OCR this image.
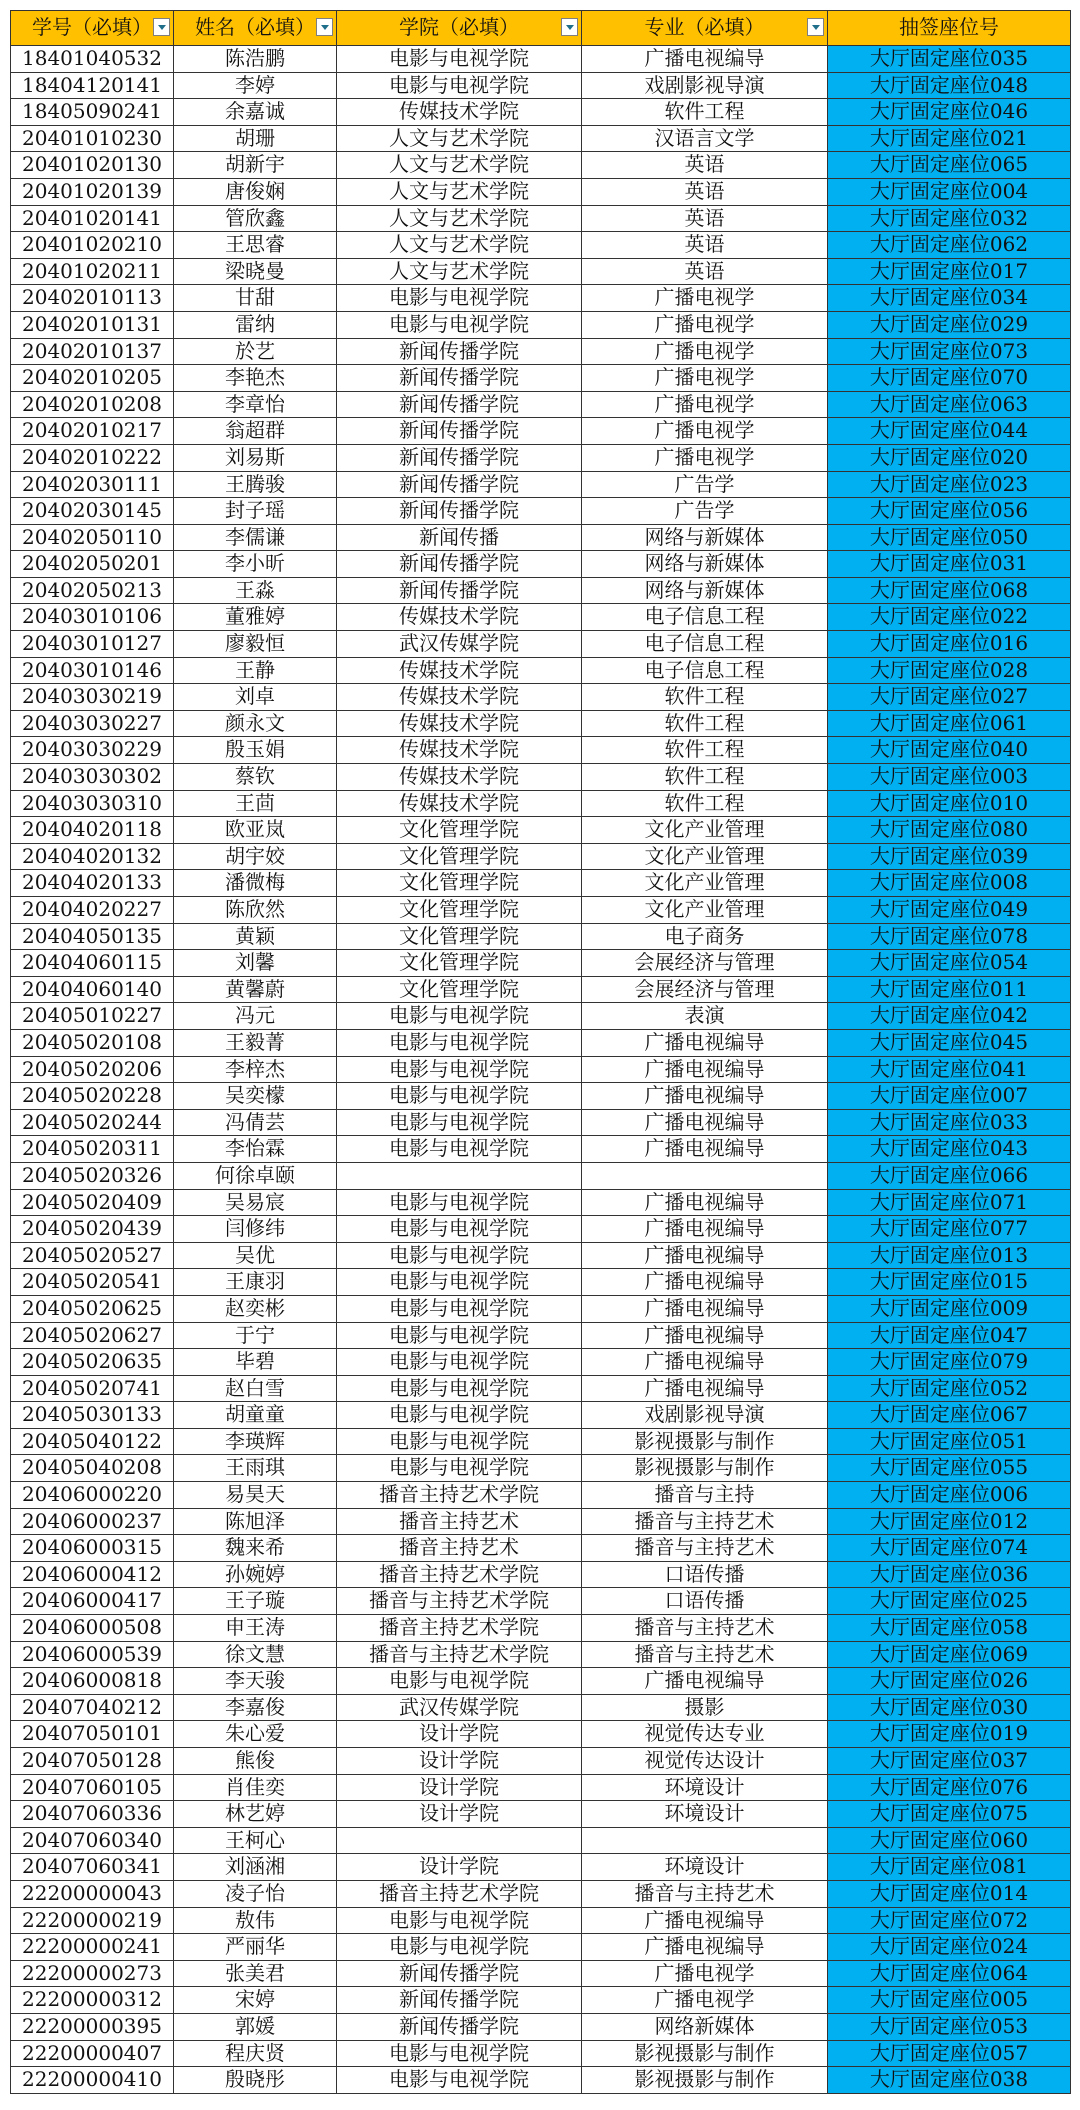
学号（必填）	姓名（必填）	学院（必填）	专业（必填）	抽签座位号
18401040532	陈浩鹏	电影与电视学院	广播电视编导	大厅固定座位035
18404120141	李婷	电影与电视学院	戏剧影视导演	大厅固定座位048
18405090241	余嘉诚	传媒技术学院	软件工程	大厅固定座位046
20401010230	胡珊	人文与艺术学院	汉语言文学	大厅固定座位021
20401020130	胡新宇	人文与艺术学院	英语	大厅固定座位065
20401020139	唐俊娴	人文与艺术学院	英语	大厅固定座位004
20401020141	管欣鑫	人文与艺术学院	英语	大厅固定座位032
20401020210	王思睿	人文与艺术学院	英语	大厅固定座位062
20401020211	梁晓曼	人文与艺术学院	英语	大厅固定座位017
20402010113	甘甜	电影与电视学院	广播电视学	大厅固定座位034
20402010131	雷纳	电影与电视学院	广播电视学	大厅固定座位029
20402010137	於艺	新闻传播学院	广播电视学	大厅固定座位073
20402010205	李艳杰	新闻传播学院	广播电视学	大厅固定座位070
20402010208	李章怡	新闻传播学院	广播电视学	大厅固定座位063
20402010217	翁超群	新闻传播学院	广播电视学	大厅固定座位044
20402010222	刘易斯	新闻传播学院	广播电视学	大厅固定座位020
20402030111	王腾骏	新闻传播学院	广告学	大厅固定座位023
20402030145	封子瑶	新闻传播学院	广告学	大厅固定座位056
20402050110	李儒谦	新闻传播	网络与新媒体	大厅固定座位050
20402050201	李小昕	新闻传播学院	网络与新媒体	大厅固定座位031
20402050213	王淼	新闻传播学院	网络与新媒体	大厅固定座位068
20403010106	董雅婷	传媒技术学院	电子信息工程	大厅固定座位022
20403010127	廖毅恒	武汉传媒学院	电子信息工程	大厅固定座位016
20403010146	王静	传媒技术学院	电子信息工程	大厅固定座位028
20403030219	刘卓	传媒技术学院	软件工程	大厅固定座位027
20403030227	颜永文	传媒技术学院	软件工程	大厅固定座位061
20403030229	殷玉娟	传媒技术学院	软件工程	大厅固定座位040
20403030302	蔡钦	传媒技术学院	软件工程	大厅固定座位003
20403030310	王茴	传媒技术学院	软件工程	大厅固定座位010
20404020118	欧亚岚	文化管理学院	文化产业管理	大厅固定座位080
20404020132	胡宇姣	文化管理学院	文化产业管理	大厅固定座位039
20404020133	潘微梅	文化管理学院	文化产业管理	大厅固定座位008
20404020227	陈欣然	文化管理学院	文化产业管理	大厅固定座位049
20404050135	黄颖	文化管理学院	电子商务	大厅固定座位078
20404060115	刘馨	文化管理学院	会展经济与管理	大厅固定座位054
20404060140	黄馨蔚	文化管理学院	会展经济与管理	大厅固定座位011
20405010227	冯元	电影与电视学院	表演	大厅固定座位042
20405020108	王毅菁	电影与电视学院	广播电视编导	大厅固定座位045
20405020206	李梓杰	电影与电视学院	广播电视编导	大厅固定座位041
20405020228	吴奕檬	电影与电视学院	广播电视编导	大厅固定座位007
20405020244	冯倩芸	电影与电视学院	广播电视编导	大厅固定座位033
20405020311	李怡霖	电影与电视学院	广播电视编导	大厅固定座位043
20405020326	何徐卓颐			大厅固定座位066
20405020409	吴易宸	电影与电视学院	广播电视编导	大厅固定座位071
20405020439	闫修纬	电影与电视学院	广播电视编导	大厅固定座位077
20405020527	吴优	电影与电视学院	广播电视编导	大厅固定座位013
20405020541	王康羽	电影与电视学院	广播电视编导	大厅固定座位015
20405020625	赵奕彬	电影与电视学院	广播电视编导	大厅固定座位009
20405020627	于宁	电影与电视学院	广播电视编导	大厅固定座位047
20405020635	毕碧	电影与电视学院	广播电视编导	大厅固定座位079
20405020741	赵白雪	电影与电视学院	广播电视编导	大厅固定座位052
20405030133	胡童童	电影与电视学院	戏剧影视导演	大厅固定座位067
20405040122	李瑛辉	电影与电视学院	影视摄影与制作	大厅固定座位051
20405040208	王雨琪	电影与电视学院	影视摄影与制作	大厅固定座位055
20406000220	易昊天	播音主持艺术学院	播音与主持	大厅固定座位006
20406000237	陈旭泽	播音主持艺术	播音与主持艺术	大厅固定座位012
20406000315	魏来希	播音主持艺术	播音与主持艺术	大厅固定座位074
20406000412	孙婉婷	播音主持艺术学院	口语传播	大厅固定座位036
20406000417	王子璇	播音与主持艺术学院	口语传播	大厅固定座位025
20406000508	申王涛	播音主持艺术学院	播音与主持艺术	大厅固定座位058
20406000539	徐文慧	播音与主持艺术学院	播音与主持艺术	大厅固定座位069
20406000818	李天骏	电影与电视学院	广播电视编导	大厅固定座位026
20407040212	李嘉俊	武汉传媒学院	摄影	大厅固定座位030
20407050101	朱心爱	设计学院	视觉传达专业	大厅固定座位019
20407050128	熊俊	设计学院	视觉传达设计	大厅固定座位037
20407060105	肖佳奕	设计学院	环境设计	大厅固定座位076
20407060336	林艺婷	设计学院	环境设计	大厅固定座位075
20407060340	王柯心			大厅固定座位060
20407060341	刘涵湘	设计学院	环境设计	大厅固定座位081
22200000043	凌子怡	播音主持艺术学院	播音与主持艺术	大厅固定座位014
22200000219	敖伟	电影与电视学院	广播电视编导	大厅固定座位072
22200000241	严丽华	电影与电视学院	广播电视编导	大厅固定座位024
22200000273	张美君	新闻传播学院	广播电视学	大厅固定座位064
22200000312	宋婷	新闻传播学院	广播电视学	大厅固定座位005
22200000395	郭媛	新闻传播学院	网络新媒体	大厅固定座位053
22200000407	程庆贤	电影与电视学院	影视摄影与制作	大厅固定座位057
22200000410	殷晓彤	电影与电视学院	影视摄影与制作	大厅固定座位038
